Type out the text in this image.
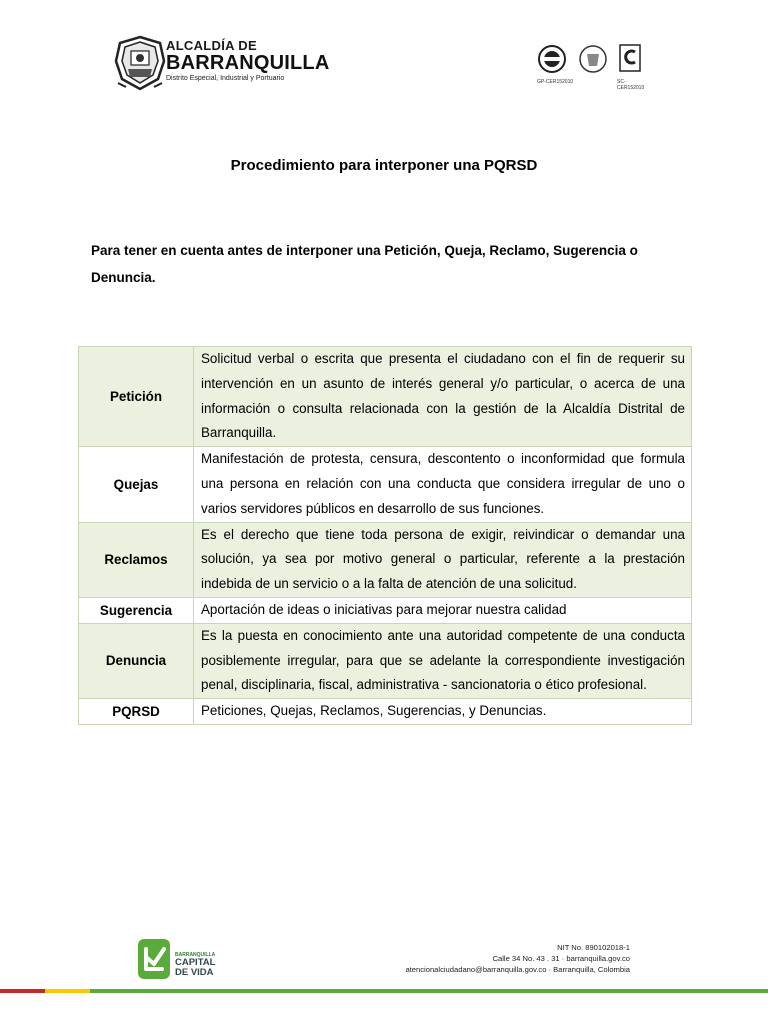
ALCALDÍA DE
BARRANQUILLA
Distrito Especial, Industrial y Portuario	GP-CER152010	SC-CER152010
Procedimiento para interponer una PQRSD
Para tener en cuenta antes de interponer una Petición, Queja, Reclamo, Sugerencia o Denuncia.
Petición	Solicitud verbal o escrita que presenta el ciudadano con el fin de requerir su intervención en un asunto de interés general y/o particular, o acerca de una información o consulta relacionada con la gestión de la Alcaldía Distrital de Barranquilla.
Quejas	Manifestación de protesta, censura, descontento o inconformidad que formula una persona en relación con una conducta que considera irregular de uno o varios servidores públicos en desarrollo de sus funciones.
Reclamos	Es el derecho que tiene toda persona de exigir, reivindicar o demandar una solución, ya sea por motivo general o particular, referente a la prestación indebida de un servicio o a la falta de atención de una solicitud.
Sugerencia	Aportación de ideas o iniciativas para mejorar nuestra calidad
Denuncia	Es la puesta en conocimiento ante una autoridad competente de una conducta posiblemente irregular, para que se adelante la correspondiente investigación penal, disciplinaria, fiscal, administrativa - sancionatoria o ético profesional.
PQRSD	Peticiones, Quejas, Reclamos, Sugerencias, y Denuncias.
BARRANQUILLA
CAPITAL
DE VIDA
NIT No. 890102018-1
Calle 34 No. 43 . 31 · barranquilla.gov.co
atencionalciudadano@barranquilla.gov.co · Barranquilla, Colombia
